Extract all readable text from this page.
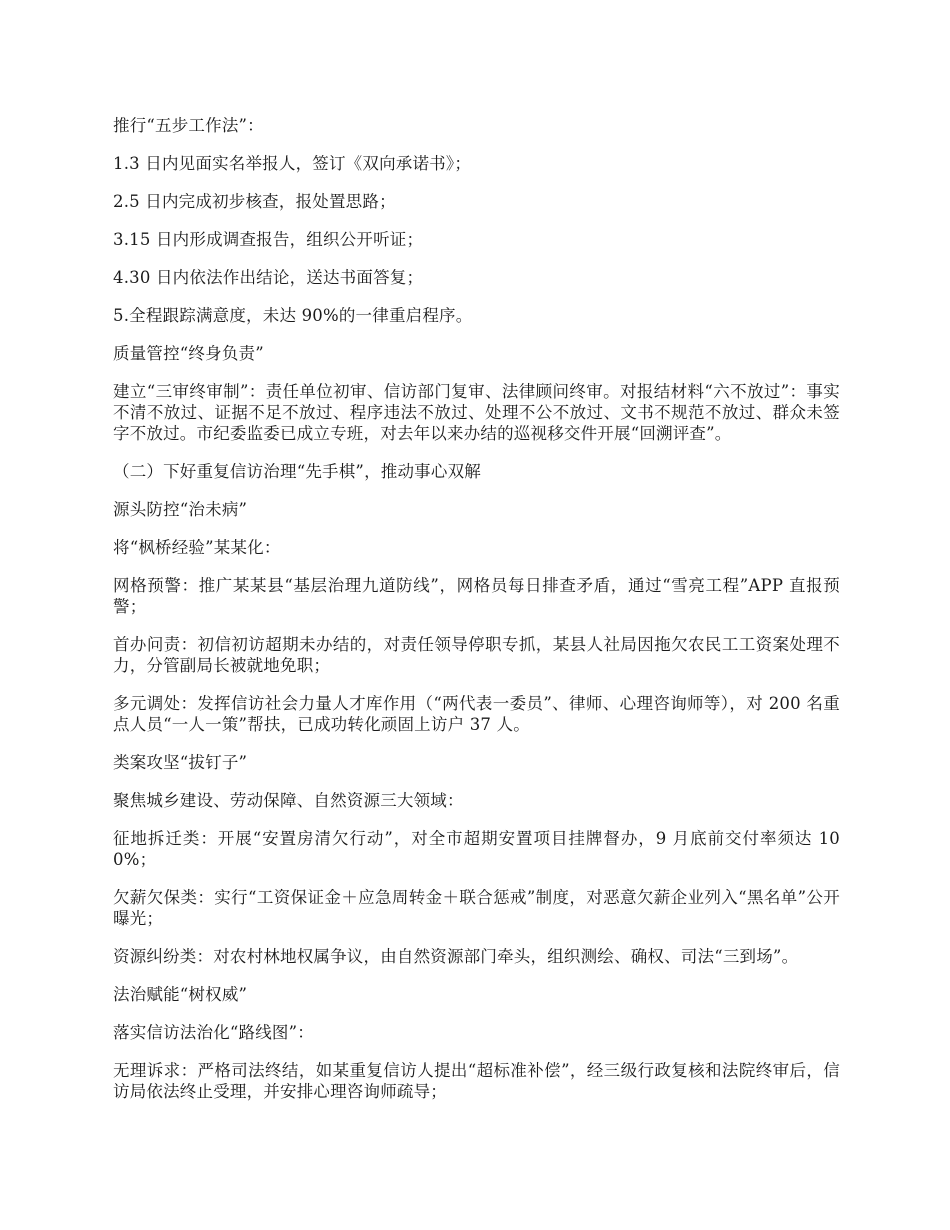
推行“五步工作法”：

1.3 日内见面实名举报人，签订《双向承诺书》；

2.5 日内完成初步核查，报处置思路；

3.15 日内形成调查报告，组织公开听证；

4.30 日内依法作出结论，送达书面答复；

5.全程跟踪满意度，未达 90%的一律重启程序。

质量管控“终身负责”

建立“三审终审制”：责任单位初审、信访部门复审、法律顾问终审。对报结材料“六不放过”：事实不清不放过、证据不足不放过、程序违法不放过、处理不公不放过、文书不规范不放过、群众未签字不放过。市纪委监委已成立专班，对去年以来办结的巡视移交件开展“回溯评查”。

（二）下好重复信访治理“先手棋”，推动事心双解

源头防控“治未病”

将“枫桥经验”某某化：

网格预警：推广某某县“基层治理九道防线”，网格员每日排查矛盾，通过“雪亮工程”APP 直报预警；

首办问责：初信初访超期未办结的，对责任领导停职专抓，某县人社局因拖欠农民工工资案处理不力，分管副局长被就地免职；

多元调处：发挥信访社会力量人才库作用（“两代表一委员”、律师、心理咨询师等），对 200 名重点人员“一人一策”帮扶，已成功转化顽固上访户 37 人。

类案攻坚“拔钉子”

聚焦城乡建设、劳动保障、自然资源三大领域：

征地拆迁类：开展“安置房清欠行动”，对全市超期安置项目挂牌督办，9 月底前交付率须达 100%；

欠薪欠保类：实行“工资保证金＋应急周转金＋联合惩戒”制度，对恶意欠薪企业列入“黑名单”公开曝光；

资源纠纷类：对农村林地权属争议，由自然资源部门牵头，组织测绘、确权、司法“三到场”。

法治赋能“树权威”

落实信访法治化“路线图”：

无理诉求：严格司法终结，如某重复信访人提出“超标准补偿”，经三级行政复核和法院终审后，信访局依法终止受理，并安排心理咨询师疏导；
